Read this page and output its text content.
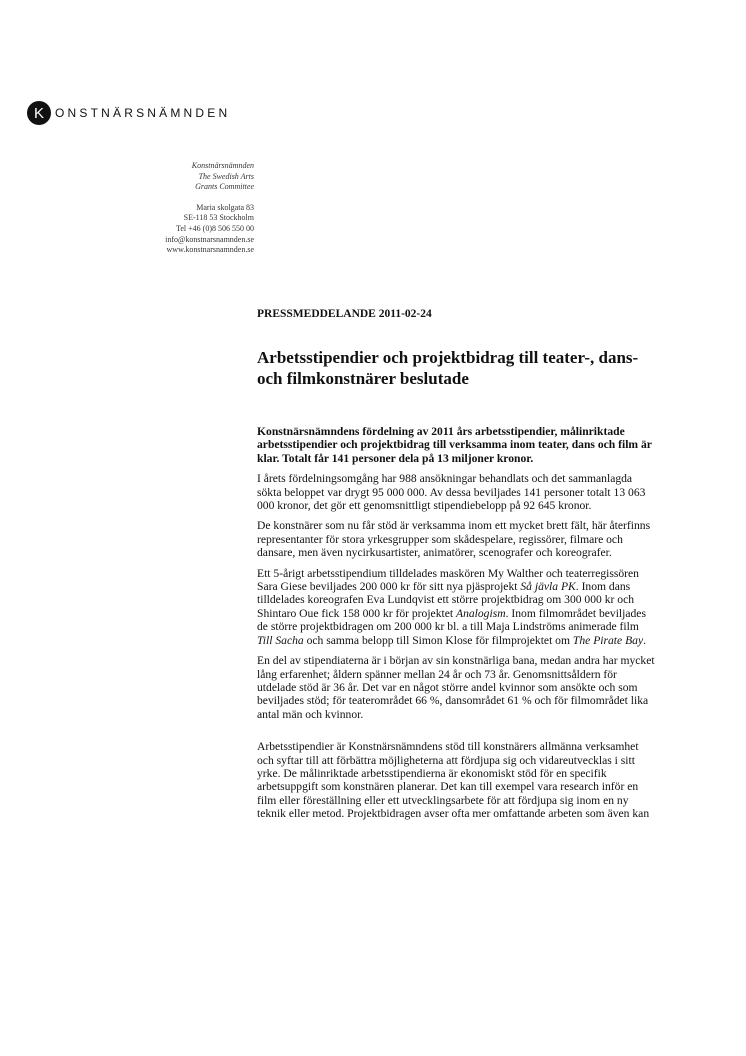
K ONSTNÄRSNÄMNDEN
Konstnärsnämnden
The Swedish Arts
Grants Committee
Maria skolgata 83
SE-118 53 Stockholm
Tel +46 (0)8 506 550 00
info@konstnarsnamnden.se
www.konstnarsnamnden.se

PRESSMEDDELANDE 2011-02-24

Arbetsstipendier och projektbidrag till teater-, dans- och filmkonstnärer beslutade

Konstnärsnämndens fördelning av 2011 års arbetsstipendier, målinriktade arbetsstipendier och projektbidrag till verksamma inom teater, dans och film är klar. Totalt får 141 personer dela på 13 miljoner kronor.

I årets fördelningsomgång har 988 ansökningar behandlats och det sammanlagda sökta beloppet var drygt 95 000 000. Av dessa beviljades 141 personer totalt 13 063 000 kronor, det gör ett genomsnittligt stipendiebelopp på 92 645 kronor.

De konstnärer som nu får stöd är verksamma inom ett mycket brett fält, här återfinns representanter för stora yrkesgrupper som skådespelare, regissörer, filmare och dansare, men även nycirkusartister, animatörer, scenografer och koreografer.

Ett 5-årigt arbetsstipendium tilldelades maskören My Walther och teaterregissören Sara Giese beviljades 200 000 kr för sitt nya pjäsprojekt Så jävla PK. Inom dans tilldelades koreografen Eva Lundqvist ett större projektbidrag om 300 000 kr och Shintaro Oue fick 158 000 kr för projektet Analogism. Inom filmområdet beviljades de större projektbidragen om 200 000 kr bl. a till Maja Lindströms animerade film Till Sacha och samma belopp till Simon Klose för filmprojektet om The Pirate Bay.

En del av stipendiaterna är i början av sin konstnärliga bana, medan andra har mycket lång erfarenhet; åldern spänner mellan 24 år och 73 år. Genomsnittsåldern för utdelade stöd är 36 år. Det var en något större andel kvinnor som ansökte och som beviljades stöd; för teaterområdet 66 %, dansområdet 61 % och för filmområdet lika antal män och kvinnor.

Arbetsstipendier är Konstnärsnämndens stöd till konstnärers allmänna verksamhet och syftar till att förbättra möjligheterna att fördjupa sig och vidareutvecklas i sitt yrke. De målinriktade arbetsstipendierna är ekonomiskt stöd för en specifik arbetsuppgift som konstnären planerar. Det kan till exempel vara research inför en film eller föreställning eller ett utvecklingsarbete för att fördjupa sig inom en ny teknik eller metod. Projektbidragen avser ofta mer omfattande arbeten som även kan
